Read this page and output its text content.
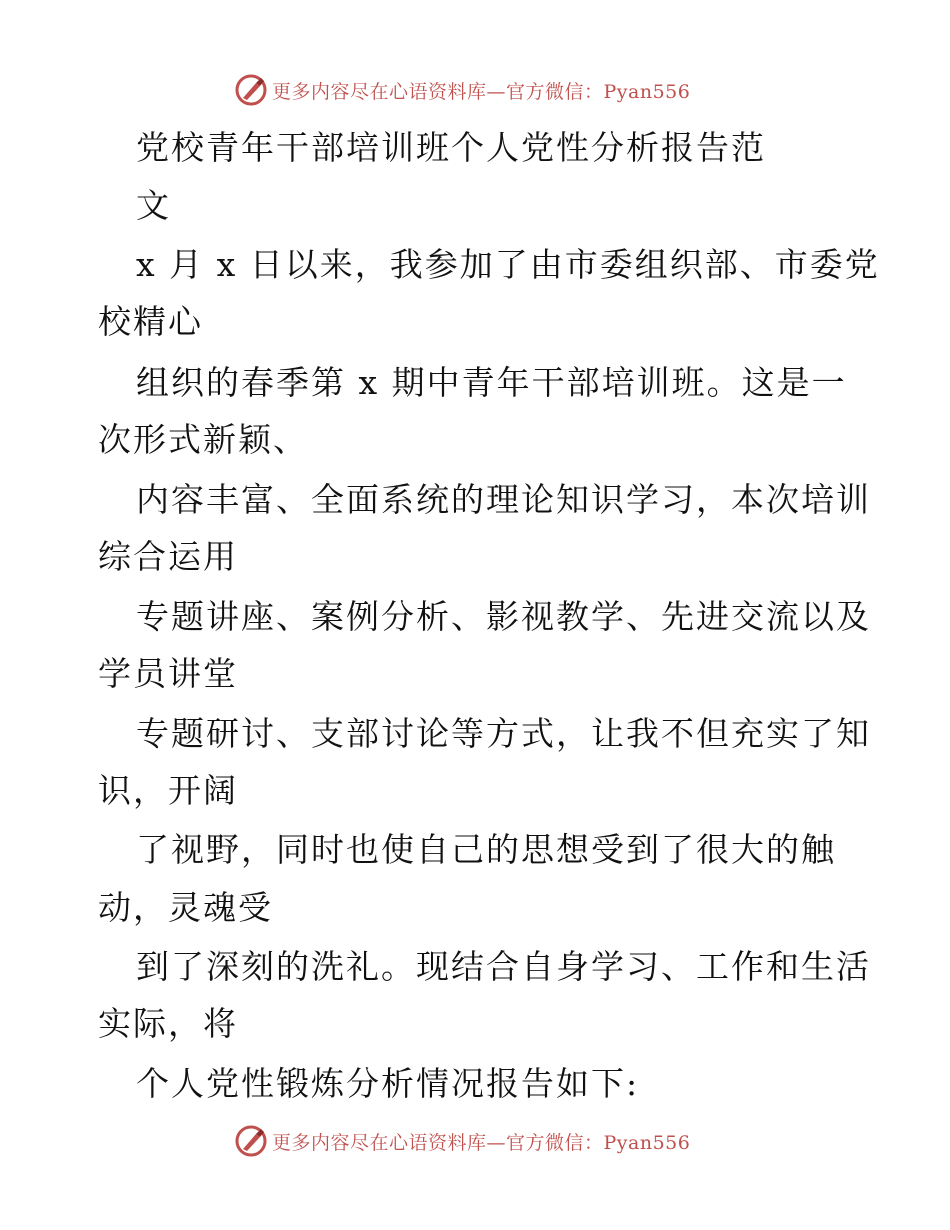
更多内容尽在心语资料库—官方微信：Pyan556
党校青年干部培训班个人党性分析报告范
文
x 月 x 日以来，我参加了由市委组织部、市委党
校精心
组织的春季第 x 期中青年干部培训班。这是一
次形式新颖、
内容丰富、全面系统的理论知识学习，本次培训
综合运用
专题讲座、案例分析、影视教学、先进交流以及
学员讲堂
专题研讨、支部讨论等方式，让我不但充实了知
识，开阔
了视野，同时也使自己的思想受到了很大的触
动，灵魂受
到了深刻的洗礼。现结合自身学习、工作和生活
实际，将
个人党性锻炼分析情况报告如下:
更多内容尽在心语资料库—官方微信：Pyan556
